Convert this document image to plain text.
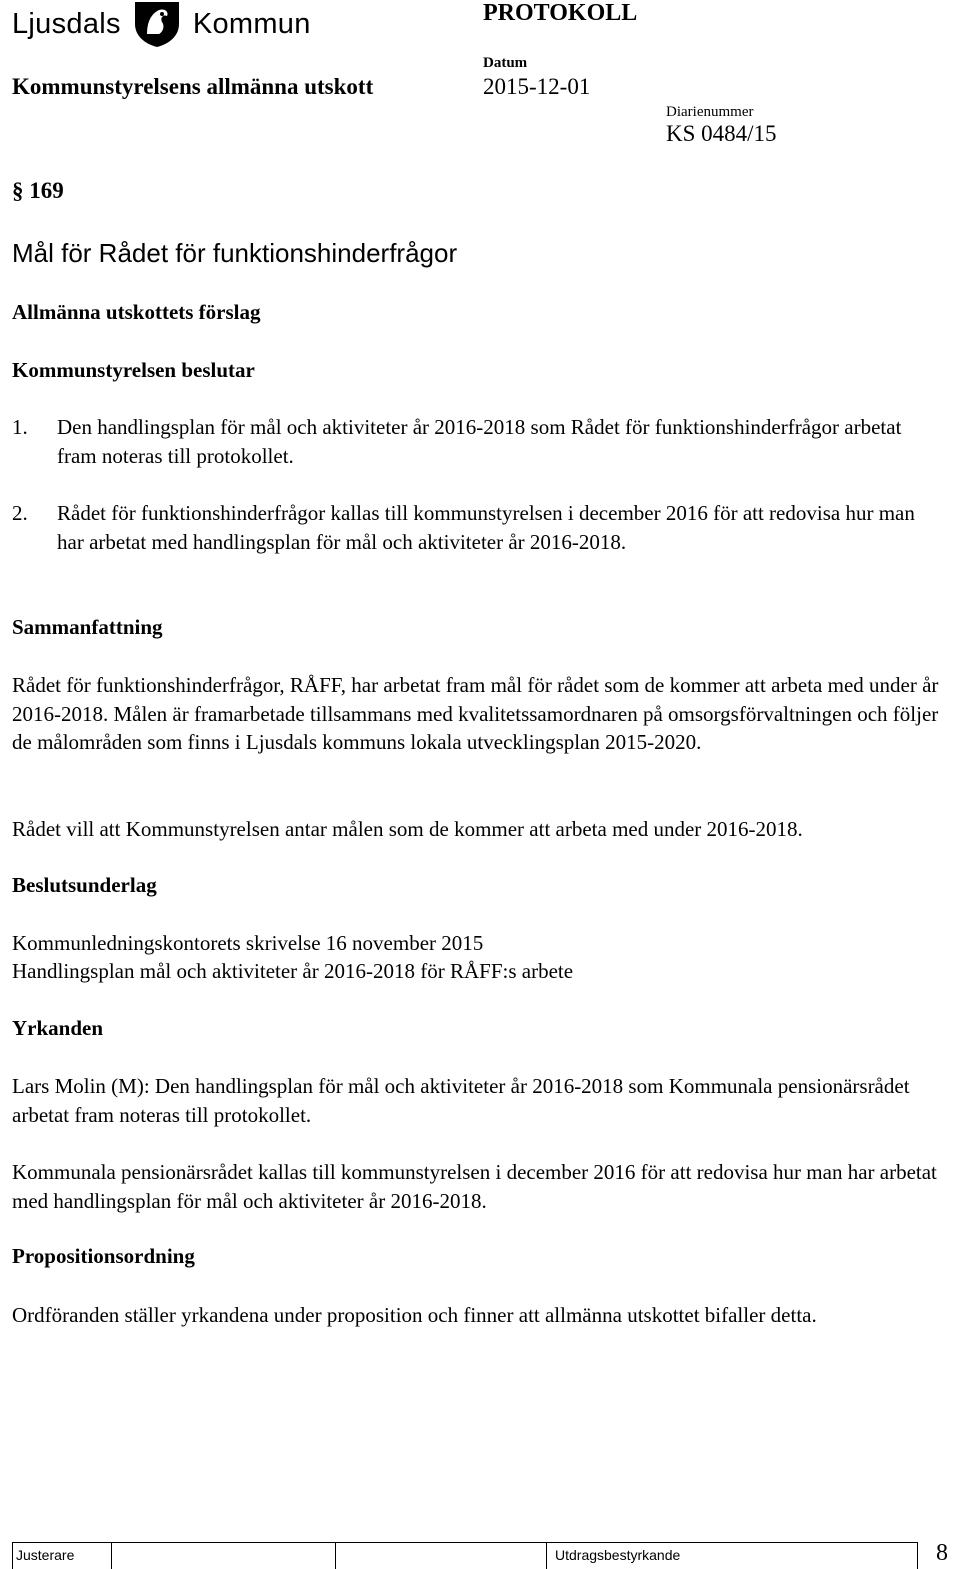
Ljusdals Kommun	PROTOKOLL
Kommunstyrelsens allmänna utskott
Datum
2015-12-01
Diarienummer
KS 0484/15
§ 169
Mål för Rådet för funktionshinderfrågor
Allmänna utskottets förslag
Kommunstyrelsen beslutar
1.	Den handlingsplan för mål och aktiviteter år 2016-2018 som Rådet för funktionshinderfrågor arbetat fram noteras till protokollet.
2.	Rådet för funktionshinderfrågor kallas till kommunstyrelsen i december 2016 för att redovisa hur man har arbetat med handlingsplan för mål och aktiviteter år 2016-2018.
Sammanfattning
Rådet för funktionshinderfrågor, RÅFF, har arbetat fram mål för rådet som de kommer att arbeta med under år 2016-2018. Målen är framarbetade tillsammans med kvalitetssamordnaren på omsorgsförvaltningen och följer de målområden som finns i Ljusdals kommuns lokala utvecklingsplan 2015-2020.
Rådet vill att Kommunstyrelsen antar målen som de kommer att arbeta med under 2016-2018.
Beslutsunderlag
Kommunledningskontorets skrivelse 16 november 2015
Handlingsplan mål och aktiviteter år 2016-2018 för RÅFF:s arbete
Yrkanden
Lars Molin (M): Den handlingsplan för mål och aktiviteter år 2016-2018 som Kommunala pensionärsrådet arbetat fram noteras till protokollet.
Kommunala pensionärsrådet kallas till kommunstyrelsen i december 2016 för att redovisa hur man har arbetat med handlingsplan för mål och aktiviteter år 2016-2018.
Propositionsordning
Ordföranden ställer yrkandena under proposition och finner att allmänna utskottet bifaller detta.
Justerare	Utdragsbestyrkande	8
